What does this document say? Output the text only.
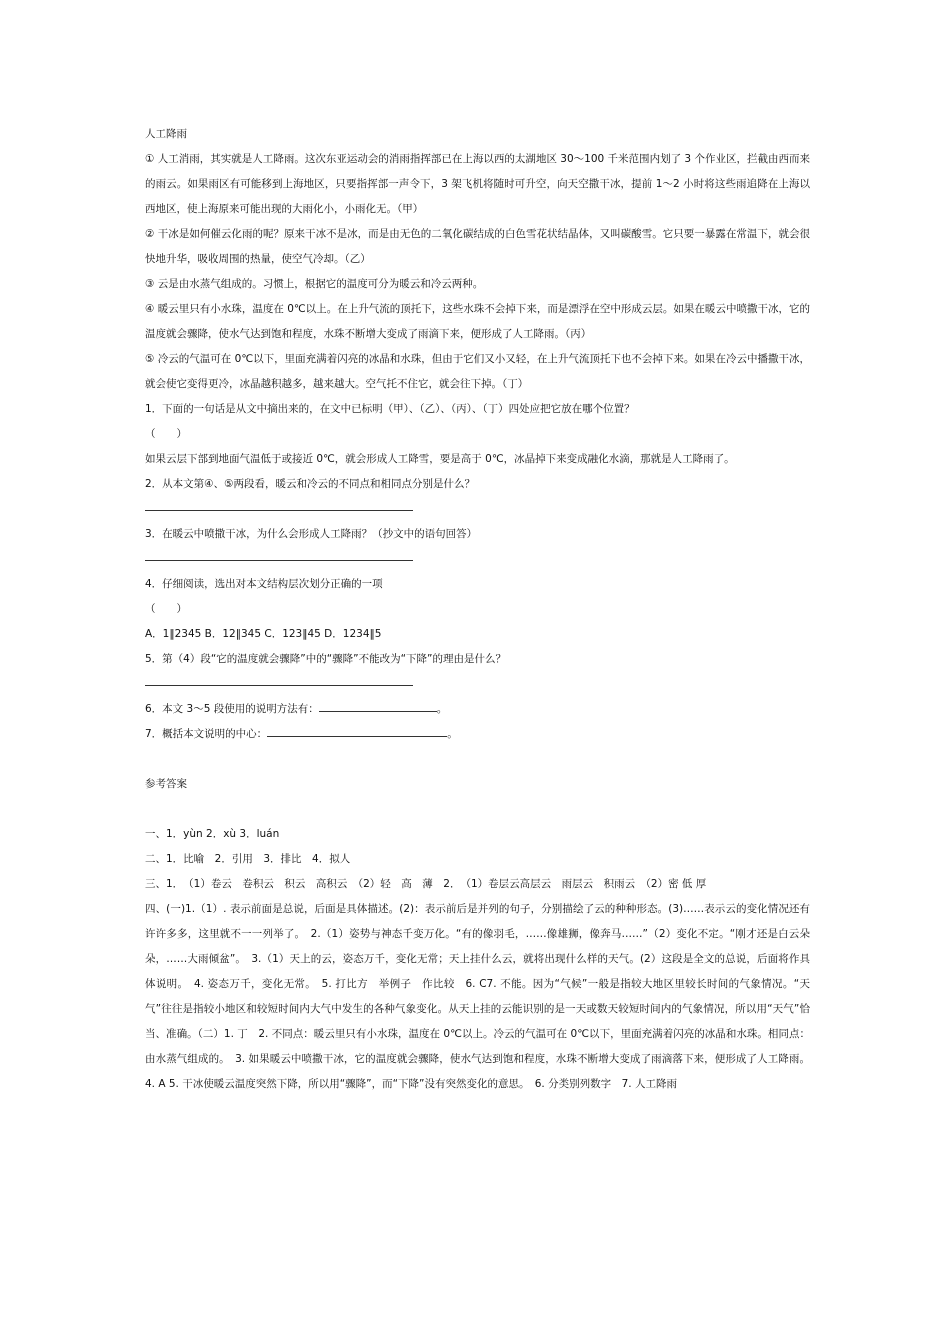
人工降雨

① 人工消雨，其实就是人工降雨。这次东亚运动会的消雨指挥部已在上海以西的太湖地区 30～100 千米范围内划了 3 个作业区，拦截由西而来的雨云。如果雨区有可能移到上海地区，只要指挥部一声令下，3 架飞机将随时可升空，向天空撒干冰，提前 1～2 小时将这些雨追降在上海以西地区，使上海原来可能出现的大雨化小，小雨化无。（甲）

② 干冰是如何催云化雨的呢？原来干冰不是冰，而是由无色的二氧化碳结成的白色雪花状结晶体，又叫碳酸雪。它只要一暴露在常温下，就会很快地升华，吸收周围的热量，使空气冷却。（乙）

③ 云是由水蒸气组成的。习惯上，根据它的温度可分为暖云和冷云两种。

④ 暖云里只有小水珠，温度在 0℃以上。在上升气流的顶托下，这些水珠不会掉下来，而是漂浮在空中形成云层。如果在暖云中喷撒干冰，它的温度就会骤降，使水气达到饱和程度，水珠不断增大变成了雨滴下来，便形成了人工降雨。（丙）

⑤ 冷云的气温可在 0℃以下，里面充满着闪亮的冰晶和水珠，但由于它们又小又轻，在上升气流顶托下也不会掉下来。如果在冷云中播撒干冰，就会使它变得更冷，冰晶越积越多，越来越大。空气托不住它，就会往下掉。（丁）

1．下面的一句话是从文中摘出来的，在文中已标明（甲）、（乙）、（丙）、（丁）四处应把它放在哪个位置？

（　　）

如果云层下部到地面气温低于或接近 0℃，就会形成人工降雪，要是高于 0℃，冰晶掉下来变成融化水滴，那就是人工降雨了。

2．从本文第④、⑤两段看，暖云和冷云的不同点和相同点分别是什么？

3．在暖云中喷撒干冰，为什么会形成人工降雨？（抄文中的语句回答）

4．仔细阅读，选出对本文结构层次划分正确的一项

（　　）

A．1‖2345 B．12‖345 C．123‖45 D．1234‖5

5．第（4）段“它的温度就会骤降”中的“骤降”不能改为“下降”的理由是什么？

6．本文 3～5 段使用的说明方法有：	。

7．概括本文说明的中心：	。

参考答案

一、1．yùn 2．xù 3．luán

二、1．比喻　2．引用　3．排比　4．拟人

三、1．　（1）卷云　卷积云　积云　高积云　（2）轻　高　薄　2．　（1）卷层云高层云　雨层云　积雨云　（2）密 低 厚

四、(一)1.（1）. 表示前面是总说，后面是具体描述。(2)：表示前后是并列的句子，分别描绘了云的种种形态。(3)……表示云的变化情况还有许许多多，这里就不一一列举了。　2.（1）姿势与神态千变万化。“有的像羽毛，……像雄狮，像奔马……”（2）变化不定。“刚才还是白云朵朵，……大雨倾盆”。　3.（1）天上的云，姿态万千，变化无常；天上挂什么云，就将出现什么样的天气。(2）这段是全文的总说，后面将作具体说明。　4. 姿态万千，变化无常。　5. 打比方　举例子　作比较　6. C7. 不能。因为“气候”一般是指较大地区里较长时间的气象情况。“天气”往往是指较小地区和较短时间内大气中发生的各种气象变化。从天上挂的云能识别的是一天或数天较短时间内的气象情况，所以用“天气”恰当、准确。（二）1. 丁　2. 不同点：暖云里只有小水珠，温度在 0℃以上。冷云的气温可在 0℃以下，里面充满着闪亮的冰晶和水珠。相同点：由水蒸气组成的。　3. 如果暖云中喷撒干冰，它的温度就会骤降，使水气达到饱和程度，水珠不断增大变成了雨滴落下来，便形成了人工降雨。4. A 5. 干冰使暖云温度突然下降，所以用“骤降”，而“下降”没有突然变化的意思。　6. 分类别列数字　7. 人工降雨
